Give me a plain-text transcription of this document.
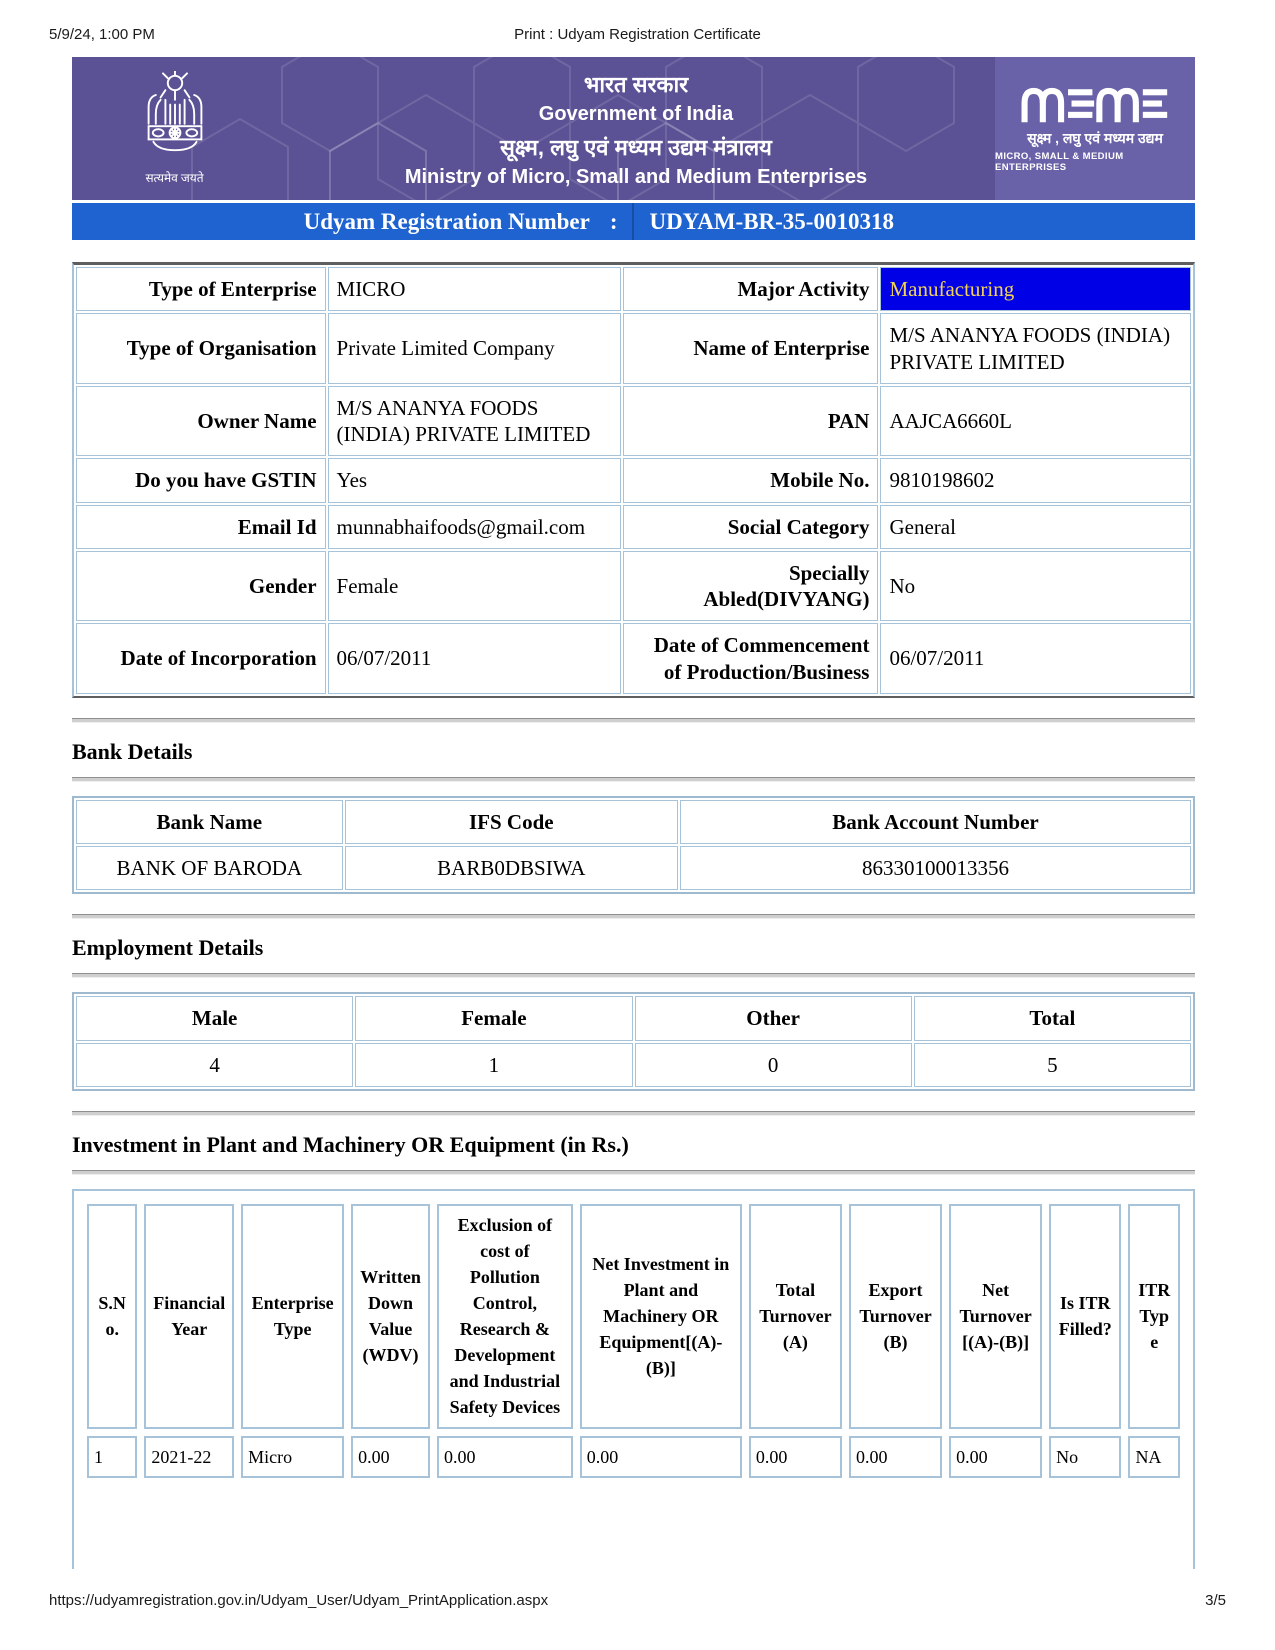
5/9/24, 1:00 PM	Print : Udyam Registration Certificate
सत्यमेव जयते
भारत सरकार
Government of India
सूक्ष्म, लघु एवं मध्यम उद्यम मंत्रालय
Ministry of Micro, Small and Medium Enterprises
सूक्ष्म , लघु एवं मध्यम उद्यम
MICRO, SMALL & MEDIUM ENTERPRISES
Udyam Registration Number :	UDYAM-BR-35-0010318
Type of Enterprise	MICRO	Major Activity	Manufacturing
Type of Organisation	Private Limited Company	Name of Enterprise	M/S ANANYA FOODS (INDIA) PRIVATE LIMITED
Owner Name	M/S ANANYA FOODS (INDIA) PRIVATE LIMITED	PAN	AAJCA6660L
Do you have GSTIN	Yes	Mobile No.	9810198602
Email Id	munnabhaifoods@gmail.com	Social Category	General
Gender	Female	Specially Abled(DIVYANG)	No
Date of Incorporation	06/07/2011	Date of Commencement of Production/Business	06/07/2011
Bank Details
Bank Name	IFS Code	Bank Account Number
BANK OF BARODA	BARB0DBSIWA	86330100013356
Employment Details
Male	Female	Other	Total
4	1	0	5
Investment in Plant and Machinery OR Equipment (in Rs.)
S.No.	Financial Year	Enterprise Type	Written Down Value (WDV)	Exclusion of cost of Pollution Control, Research & Development and Industrial Safety Devices	Net Investment in Plant and Machinery OR Equipment[(A)-(B)]	Total Turnover (A)	Export Turnover (B)	Net Turnover [(A)-(B)]	Is ITR Filled?	ITR Type
1	2021-22	Micro	0.00	0.00	0.00	0.00	0.00	0.00	No	NA
https://udyamregistration.gov.in/Udyam_User/Udyam_PrintApplication.aspx	3/5
